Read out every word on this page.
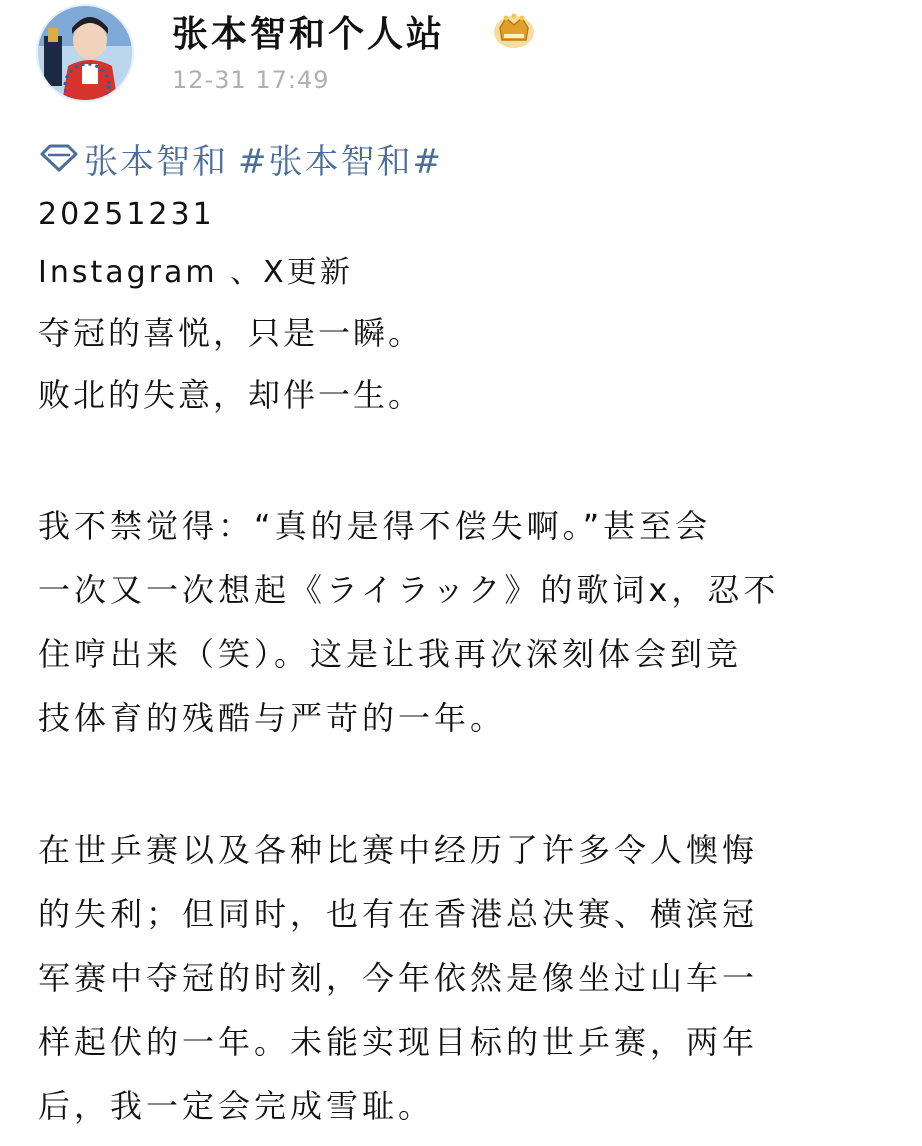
张本智和个人站
12-31 17:49
张本智和 #张本智和#
20251231
Instagram 、X更新
夺冠的喜悦，只是一瞬。
败北的失意，却伴一生。
我不禁觉得：“真的是得不偿失啊。”甚至会
一次又一次想起《ライラック》的歌词x，忍不
住哼出来（笑）。这是让我再次深刻体会到竞
技体育的残酷与严苛的一年。
在世乒赛以及各种比赛中经历了许多令人懊悔
的失利；但同时，也有在香港总决赛、横滨冠
军赛中夺冠的时刻，今年依然是像坐过山车一
样起伏的一年。未能实现目标的世乒赛，两年
后，我一定会完成雪耻。
